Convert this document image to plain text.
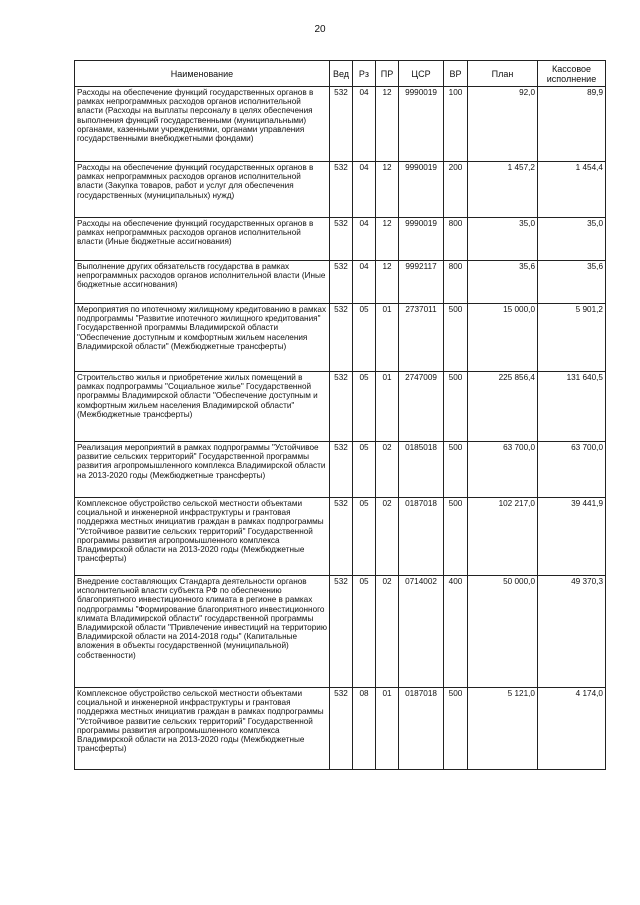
20
Наименование	Вед	Рз	ПР	ЦСР	ВР	План	Кассовое исполнение
Расходы на обеспечение функций государственных органов в рамках непрограммных расходов органов исполнительной власти (Расходы на выплаты персоналу в целях обеспечения выполнения функций государственными (муниципальными) органами, казенными учреждениями, органами управления государственными внебюджетными фондами)	532	04	12	9990019	100	92,0	89,9
Расходы на обеспечение функций государственных органов в рамках непрограммных расходов органов исполнительной власти (Закупка товаров, работ и услуг для обеспечения государственных (муниципальных) нужд)	532	04	12	9990019	200	1 457,2	1 454,4
Расходы на обеспечение функций государственных органов в рамках непрограммных расходов органов исполнительной власти (Иные бюджетные ассигнования)	532	04	12	9990019	800	35,0	35,0
Выполнение других обязательств государства в рамках непрограммных расходов органов исполнительной власти (Иные бюджетные ассигнования)	532	04	12	9992117	800	35,6	35,6
Мероприятия по ипотечному жилищному кредитованию в рамках подпрограммы "Развитие ипотечного жилищного кредитования" Государственной программы Владимирской области "Обеспечение доступным и комфортным жильем населения Владимирской области" (Межбюджетные трансферты)	532	05	01	2737011	500	15 000,0	5 901,2
Строительство жилья и приобретение жилых помещений в рамках подпрограммы "Социальное жилье" Государственной программы Владимирской области "Обеспечение доступным и комфортным жильем населения Владимирской области" (Межбюджетные трансферты)	532	05	01	2747009	500	225 856,4	131 640,5
Реализация мероприятий в рамках подпрограммы "Устойчивое развитие сельских территорий" Государственной программы развития агропромышленного комплекса Владимирской области на 2013-2020 годы (Межбюджетные трансферты)	532	05	02	0185018	500	63 700,0	63 700,0
Комплексное обустройство сельской местности объектами социальной и инженерной инфраструктуры и грантовая поддержка местных инициатив граждан в рамках подпрограммы "Устойчивое развитие сельских территорий" Государственной программы развития агропромышленного комплекса Владимирской области на 2013-2020 годы (Межбюджетные трансферты)	532	05	02	0187018	500	102 217,0	39 441,9
Внедрение составляющих Стандарта деятельности органов исполнительной власти субъекта РФ по обеспечению благоприятного инвестиционного климата в регионе в рамках подпрограммы "Формирование благоприятного инвестиционного климата Владимирской области" государственной программы Владимирской области "Привлечение инвестиций на территорию Владимирской области на 2014-2018 годы" (Капитальные вложения в объекты государственной (муниципальной) собственности)	532	05	02	0714002	400	50 000,0	49 370,3
Комплексное обустройство сельской местности объектами социальной и инженерной инфраструктуры и грантовая поддержка местных инициатив граждан в рамках подпрограммы "Устойчивое развитие сельских территорий" Государственной программы развития агропромышленного комплекса Владимирской области на 2013-2020 годы (Межбюджетные трансферты)	532	08	01	0187018	500	5 121,0	4 174,0
